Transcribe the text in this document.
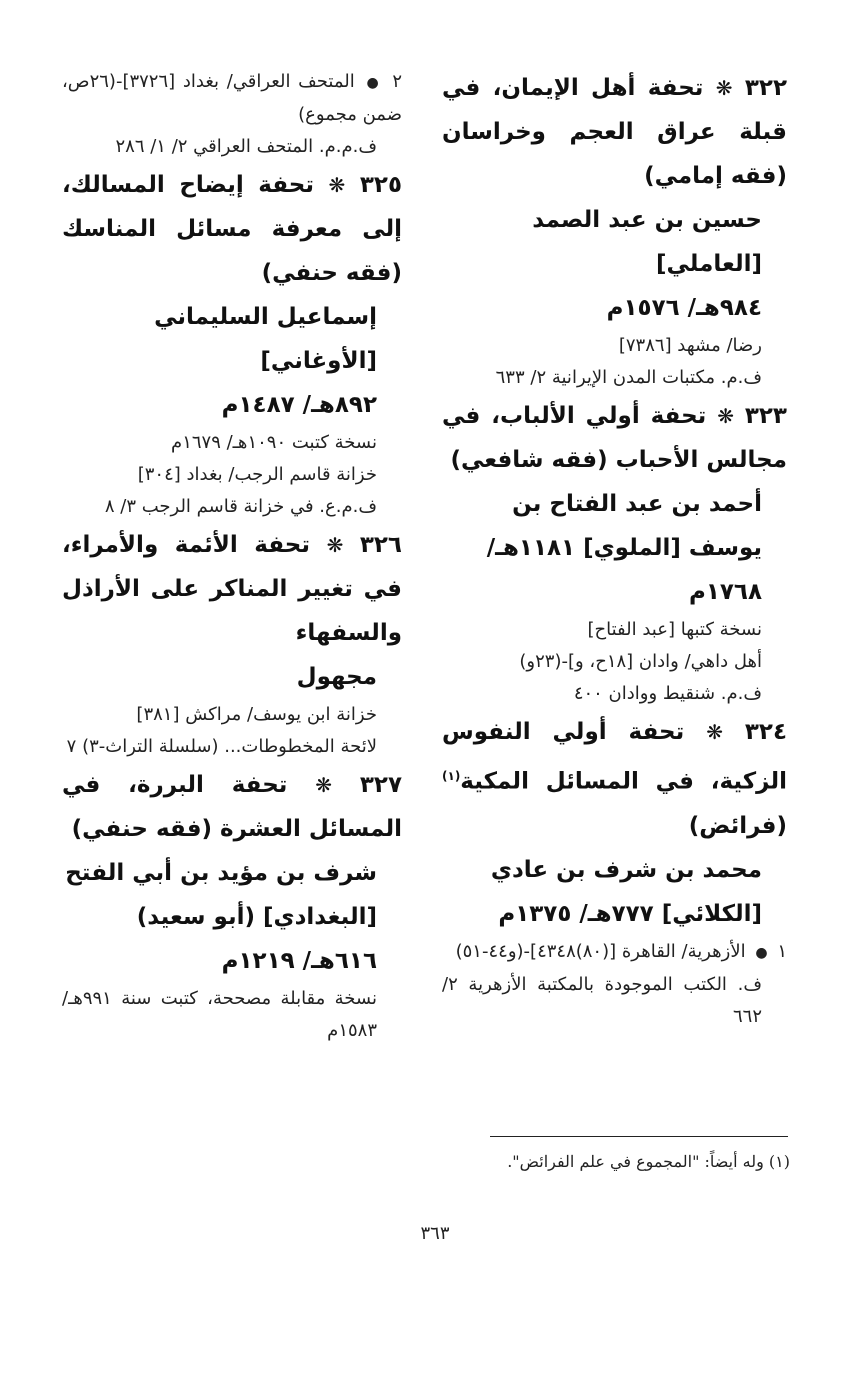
٣٢٢ ❋ تحفة أهل الإيمان، في قبلة عراق العجم وخراسان (فقه إمامي)
حسين بن عبد الصمد [العاملي]
٩٨٤هـ/ ١٥٧٦م
رضا/ مشهد [٧٣٨٦]
ف.م. مكتبات المدن الإيرانية ٢/ ٦٣٣
٣٢٣ ❋ تحفة أولي الألباب، في مجالس الأحباب (فقه شافعي)
أحمد بن عبد الفتاح بن يوسف [الملوي] ١١٨١هـ/ ١٧٦٨م
نسخة كتبها [عبد الفتاح]
أهل داهي/ وادان [١٨ح، و]-(٢٣و)
ف.م. شنقيط ووادان ٤٠٠
٣٢٤ ❋ تحفة أولي النفوس الزكية، في المسائل المكية$^{(١)}$ (فرائض)
محمد بن شرف بن عادي [الكلائي] ٧٧٧هـ/ ١٣٧٥م
١ ● الأزهرية/ القاهرة [(٨٠)٤٣٤٨]-(و٤٤-٥١)
ف. الكتب الموجودة بالمكتبة الأزهرية ٢/ ٦٦٢
٢ ● المتحف العراقي/ بغداد [٣٧٢٦]-(٢٦ص، ضمن مجموع)
ف.م.م. المتحف العراقي ٢/ ١/ ٢٨٦
٣٢٥ ❋ تحفة إيضاح المسالك، إلى معرفة مسائل المناسك (فقه حنفي)
إسماعيل السليماني [الأوغاني]
٨٩٢هـ/ ١٤٨٧م
نسخة كتبت ١٠٩٠هـ/ ١٦٧٩م
خزانة قاسم الرجب/ بغداد [٣٠٤]
ف.م.ع. في خزانة قاسم الرجب ٣/ ٨
٣٢٦ ❋ تحفة الأئمة والأمراء، في تغيير المناكر على الأراذل والسفهاء
مجهول
خزانة ابن يوسف/ مراكش [٣٨١]
لائحة المخطوطات... (سلسلة التراث-٣) ٧
٣٢٧ ❋ تحفة البررة، في المسائل العشرة (فقه حنفي)
شرف بن مؤيد بن أبي الفتح [البغدادي] (أبو سعيد) ٦١٦هـ/ ١٢١٩م
نسخة مقابلة مصححة، كتبت سنة ٩٩١هـ/ ١٥٨٣م
(١) وله أيضاً: "المجموع في علم الفرائض".
٣٦٣
